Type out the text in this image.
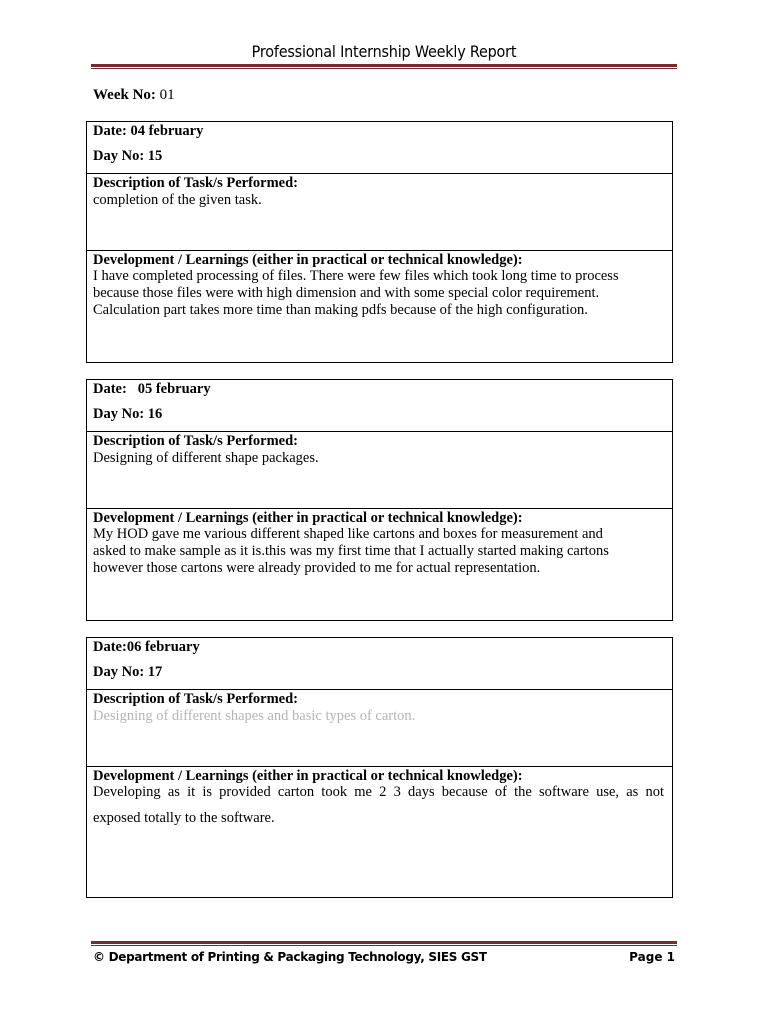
Professional Internship Weekly Report
Week No: 01
Date: 04 february
Day No: 15
Description of Task/s Performed:
completion of the given task.
Development / Learnings (either in practical or technical knowledge):
I have completed processing of files. There were few files which took long time to process
because those files were with high dimension and with some special color requirement.
Calculation part takes more time than making pdfs because of the high configuration.
Date:   05 february
Day No: 16
Description of Task/s Performed:
Designing of different shape packages.
Development / Learnings (either in practical or technical knowledge):
My HOD gave me various different shaped like cartons and boxes for measurement and
asked to make sample as it is.this was my first time that I actually started making cartons
however those cartons were already provided to me for actual representation.
Date:06 february
Day No: 17
Description of Task/s Performed:
Designing of different shapes and basic types of carton.
Development / Learnings (either in practical or technical knowledge):
Developing as it is provided carton took me 2 3 days because of the software use, as not
exposed totally to the software.
© Department of Printing & Packaging Technology, SIES GST	Page 1
